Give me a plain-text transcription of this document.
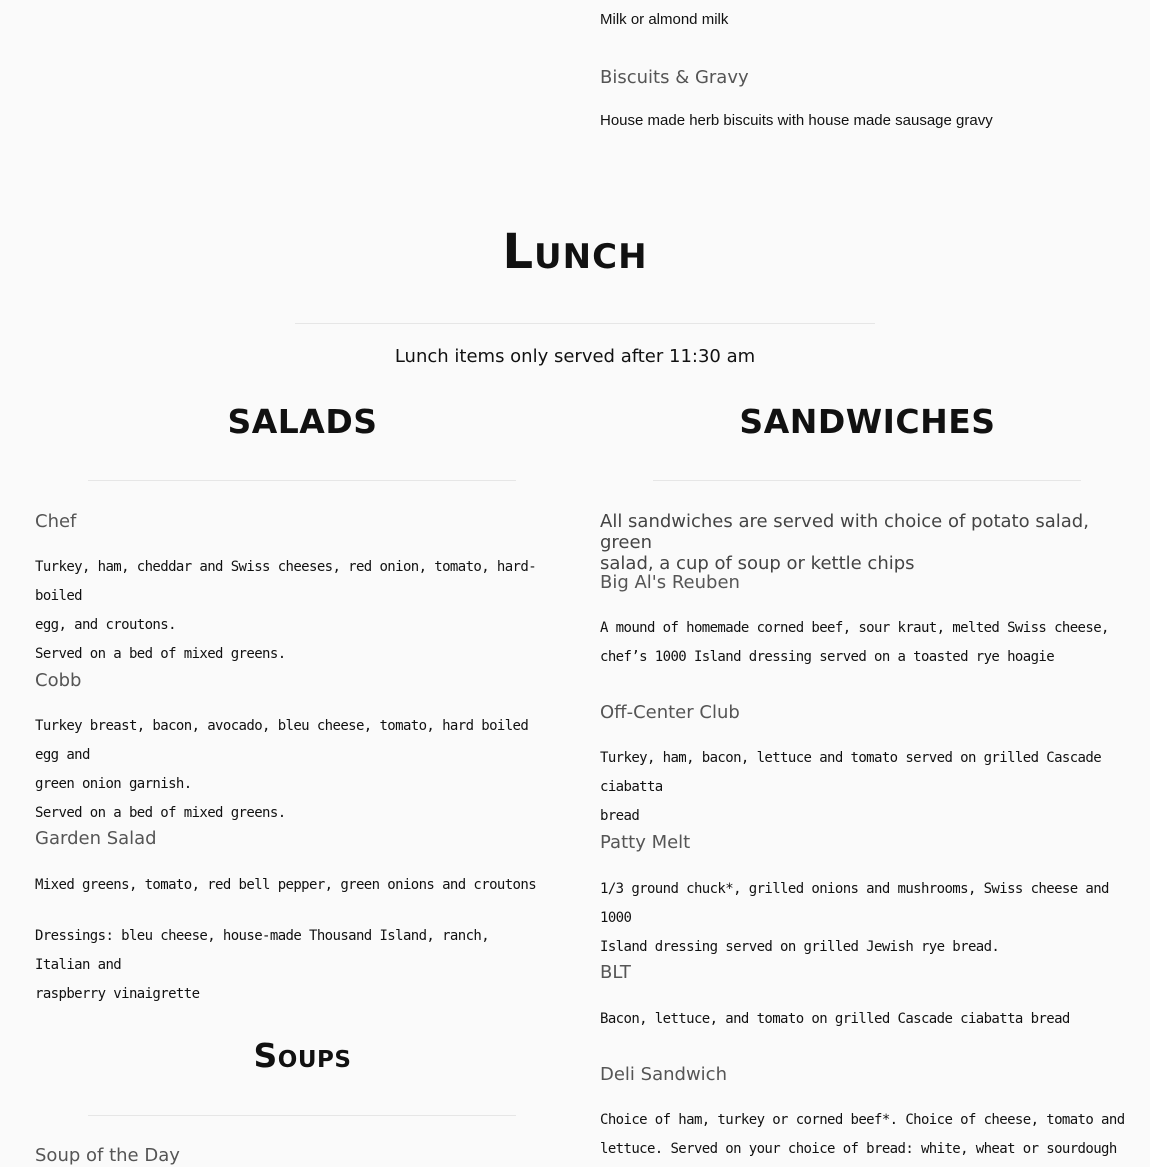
Milk or almond milk

Biscuits & Gravy

House made herb biscuits with house made sausage gravy

Lunch

Lunch items only served after 11:30 am

SALADS	SANDWICHES

Chef

Turkey, ham, cheddar and Swiss cheeses, red onion, tomato, hard-boiled

egg, and croutons.

Served on a bed of mixed greens.

Cobb

Turkey breast, bacon, avocado, bleu cheese, tomato, hard boiled egg and

green onion garnish.

Served on a bed of mixed greens.

Garden Salad

Mixed greens, tomato, red bell pepper, green onions and croutons

Dressings: bleu cheese, house-made Thousand Island, ranch, Italian and

raspberry vinaigrette

Soups

Soup of the Day

All sandwiches are served with choice of potato salad, green

salad, a cup of soup or kettle chips

Big Al's Reuben

A mound of homemade corned beef, sour kraut, melted Swiss cheese,

chef’s 1000 Island dressing served on a toasted rye hoagie

Off-Center Club

Turkey, ham, bacon, lettuce and tomato served on grilled Cascade ciabatta

bread

Patty Melt

1/3 ground chuck*, grilled onions and mushrooms, Swiss cheese and 1000

Island dressing served on grilled Jewish rye bread.

BLT

Bacon, lettuce, and tomato on grilled Cascade ciabatta bread

Deli Sandwich

Choice of ham, turkey or corned beef*. Choice of cheese, tomato and

lettuce. Served on your choice of bread: white, wheat or sourdough
